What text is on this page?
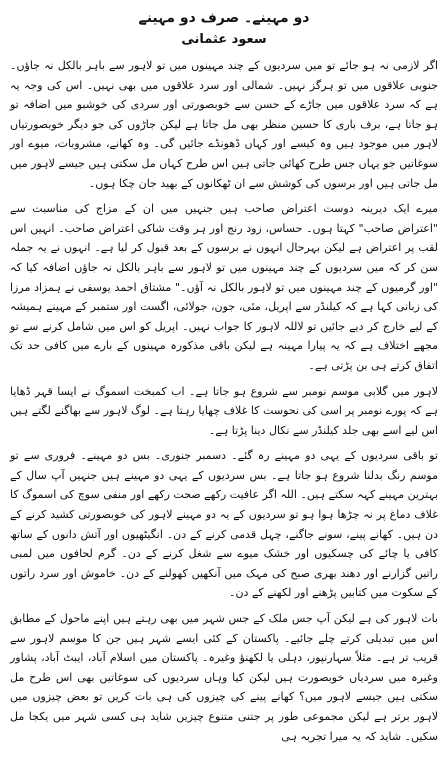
دو مہینے۔ صرف دو مہینے
سعود عثمانی

اگر لازمی نہ ہو جائے تو میں سردیوں کے چند مہینوں میں تو لاہور سے باہر بالکل نہ جاؤں۔ جنوبی علاقوں میں تو ہرگز نہیں۔ شمالی اور سرد علاقوں میں بھی نہیں۔ اس کی وجہ یہ ہے کہ سرد علاقوں میں جاڑے کے حسن سے خوبصورتی اور سردی کی خوشبو میں اضافہ تو ہو جاتا ہے، برف باری کا حسین منظر بھی مل جاتا ہے لیکن جاڑوں کی جو دیگر خوبصورتیاں لاہور میں موجود ہیں وہ کیسے اور کہاں ڈھونڈے جائیں گی۔ وہ کھانے، مشروبات، میوے اور سوغاتیں جو یہاں جس طرح کھائی جاتی ہیں اس طرح کہاں مل سکتی ہیں جیسے لاہور میں مل جاتی ہیں اور برسوں کی کوشش سے ان ٹھکانوں کے بھید جان چکا ہوں۔

میرے ایک دیرینہ دوست اعتراض صاحب ہیں جنہیں میں ان کے مزاج کی مناسبت سے "اعتراض صاحب" کہتا ہوں۔ حساس، زود رنج اور ہر وقت شاکی اعتراض صاحب۔ انہیں اس لقب پر اعتراض ہے لیکن بہرحال انہوں نے برسوں کے بعد قبول کر لیا ہے۔ انہوں نے یہ جملہ سن کر کہ میں سردیوں کے چند مہینوں میں تو لاہور سے باہر بالکل نہ جاؤں اضافہ کیا کہ "اور گرمیوں کے چند مہینوں میں تو لاہور بالکل نہ آؤں۔" مشتاق احمد یوسفی نے ہمزاد مرزا کی زبانی کہا ہے کہ کیلنڈر سے اپریل، مئی، جون، جولائی، اگست اور ستمبر کے مہینے ہمیشہ کے لیے خارج کر دیے جائیں تو لاللہ لاہور کا جواب نہیں۔ اپریل کو اس میں شامل کرنے سے تو مجھے اختلاف ہے کہ یہ پیارا مہینہ ہے لیکن باقی مذکورہ مہینوں کے بارے میں کافی حد تک اتفاق کرتے ہی بن پڑتی ہے۔

لاہور میں گلابی موسم نومبر سے شروع ہو جاتا ہے۔ اب کمبخت اسموگ نے ایسا قہر ڈھایا ہے کہ پورے نومبر پر اسی کی نحوست کا غلاف چھایا رہتا ہے۔ لوگ لاہور سے بھاگنے لگتے ہیں اس لیے اسے بھی جلد کیلنڈر سے نکال دینا پڑتا ہے۔

تو باقی سردیوں کے یہی دو مہینے رہ گئے۔ دسمبر جنوری۔ بس دو مہینے۔ فروری سے تو موسم رنگ بدلنا شروع ہو جاتا ہے۔ بس سردیوں کے یہی دو مہینے ہیں جنہیں آپ سال کے بہترین مہینے کہہ سکتے ہیں۔ اللہ اگر عافیت رکھے صحت رکھے اور منفی سوچ کی اسموگ کا غلاف دماغ پر نہ چڑھا ہوا ہو تو سردیوں کے یہ دو مہینے لاہور کی خوبصورتی کشید کرنے کے دن ہیں۔ کھانے پینے، سونے جاگنے، چہل قدمی کرنے کے دن۔ انگیٹھیوں اور آتش دانوں کے ساتھ کافی یا چائے کی چسکیوں اور خشک میوے سے شغل کرنے کے دن۔ گرم لحافوں میں لمبی راتیں گزارنے اور دھند بھری صبح کی مہک میں آنکھیں کھولنے کے دن۔ خاموش اور سرد راتوں کے سکوت میں کتابیں پڑھنے اور لکھنے کے دن۔

بات لاہور کی ہے لیکن آپ جس ملک کے جس شہر میں بھی رہتے ہیں اپنے ماحول کے مطابق اس میں تبدیلی کرتے چلے جائیے۔ پاکستان کے کئی ایسے شہر ہیں جن کا موسم لاہور سے قریب تر ہے۔ مثلاً سہارنپور، دہلی یا لکھنؤ وغیرہ۔ پاکستان میں اسلام آباد، ایبٹ آباد، پشاور وغیرہ میں سردیاں خوبصورت ہیں لیکن کیا وہاں سردیوں کی سوغاتیں بھی اس طرح مل سکتی ہیں جیسے لاہور میں؟ کھانے پینے کی چیزوں کی ہی بات کریں تو بعض چیزوں میں لاہور برتر ہے لیکن مجموعی طور پر جتنی متنوع چیزیں شاید ہی کسی شہر میں یکجا مل سکیں۔ شاید کہ یہ میرا تجربہ ہی
